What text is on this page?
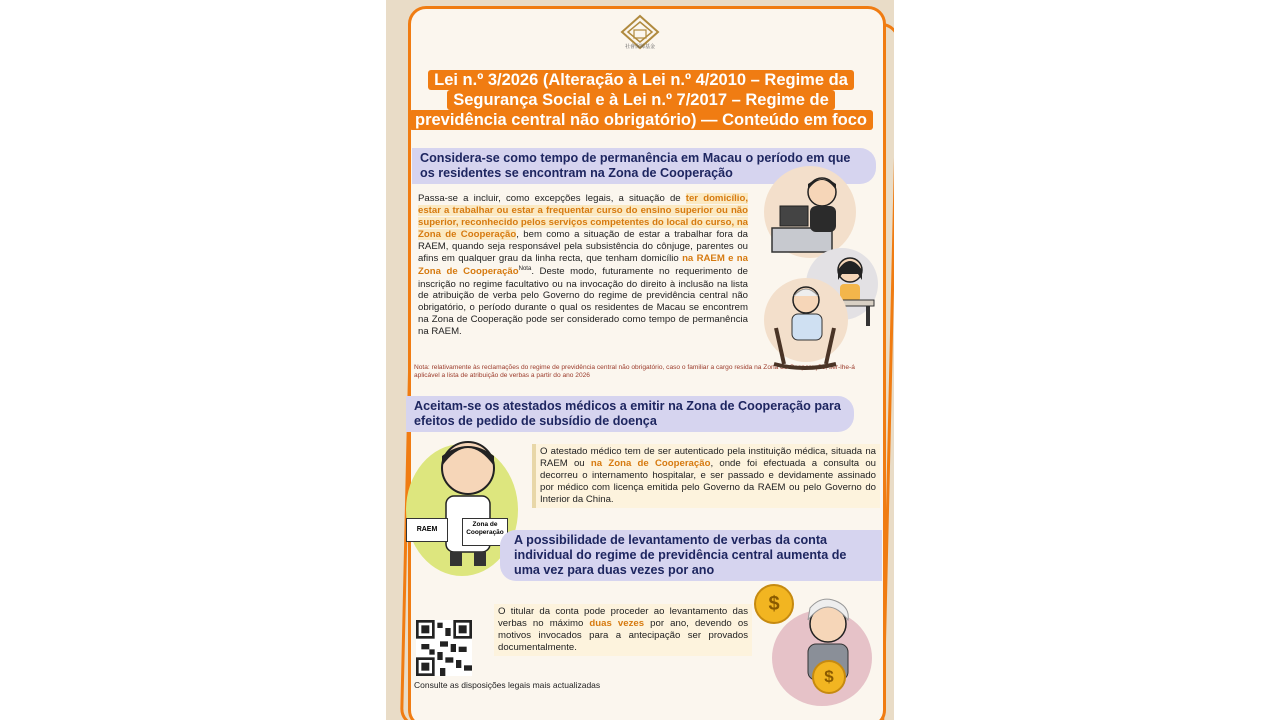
社會保障基金
Lei n.º 3/2026 (Alteração à Lei n.º 4/2010 – Regime da Segurança Social e à Lei n.º 7/2017 – Regime de previdência central não obrigatório) — Conteúdo em foco
Considera-se como tempo de permanência em Macau o período em que os residentes se encontram na Zona de Cooperação
Passa-se a incluir, como excepções legais, a situação de ter domicílio, estar a trabalhar ou estar a frequentar curso do ensino superior ou não superior, reconhecido pelos serviços competentes do local do curso, na Zona de Cooperação, bem como a situação de estar a trabalhar fora da RAEM, quando seja responsável pela subsistência do cônjuge, parentes ou afins em qualquer grau da linha recta, que tenham domicílio na RAEM e na Zona de Cooperação$^{Nota}$. Deste modo, futuramente no requerimento de inscrição no regime facultativo ou na invocação do direito à inclusão na lista de atribuição de verba pelo Governo do regime de previdência central não obrigatório, o período durante o qual os residentes de Macau se encontrem na Zona de Cooperação pode ser considerado como tempo de permanência na RAEM.
Nota: relativamente às reclamações do regime de previdência central não obrigatório, caso o familiar a cargo resida na Zona de Cooperação, ser-lhe-á aplicável a lista de atribuição de verbas a partir do ano 2026
Aceitam-se os atestados médicos a emitir na Zona de Cooperação para efeitos de pedido de subsídio de doença
RAEM
Zona de Cooperação
O atestado médico tem de ser autenticado pela instituição médica, situada na RAEM ou na Zona de Cooperação, onde foi efectuada a consulta ou decorreu o internamento hospitalar, e ser passado e devidamente assinado por médico com licença emitida pelo Governo da RAEM ou pelo Governo do Interior da China.
A possibilidade de levantamento de verbas da conta individual do regime de previdência central aumenta de uma vez para duas vezes por ano
O titular da conta pode proceder ao levantamento das verbas no máximo duas vezes por ano, devendo os motivos invocados para a antecipação ser provados documentalmente.
$
$
Consulte as disposições legais mais actualizadas
